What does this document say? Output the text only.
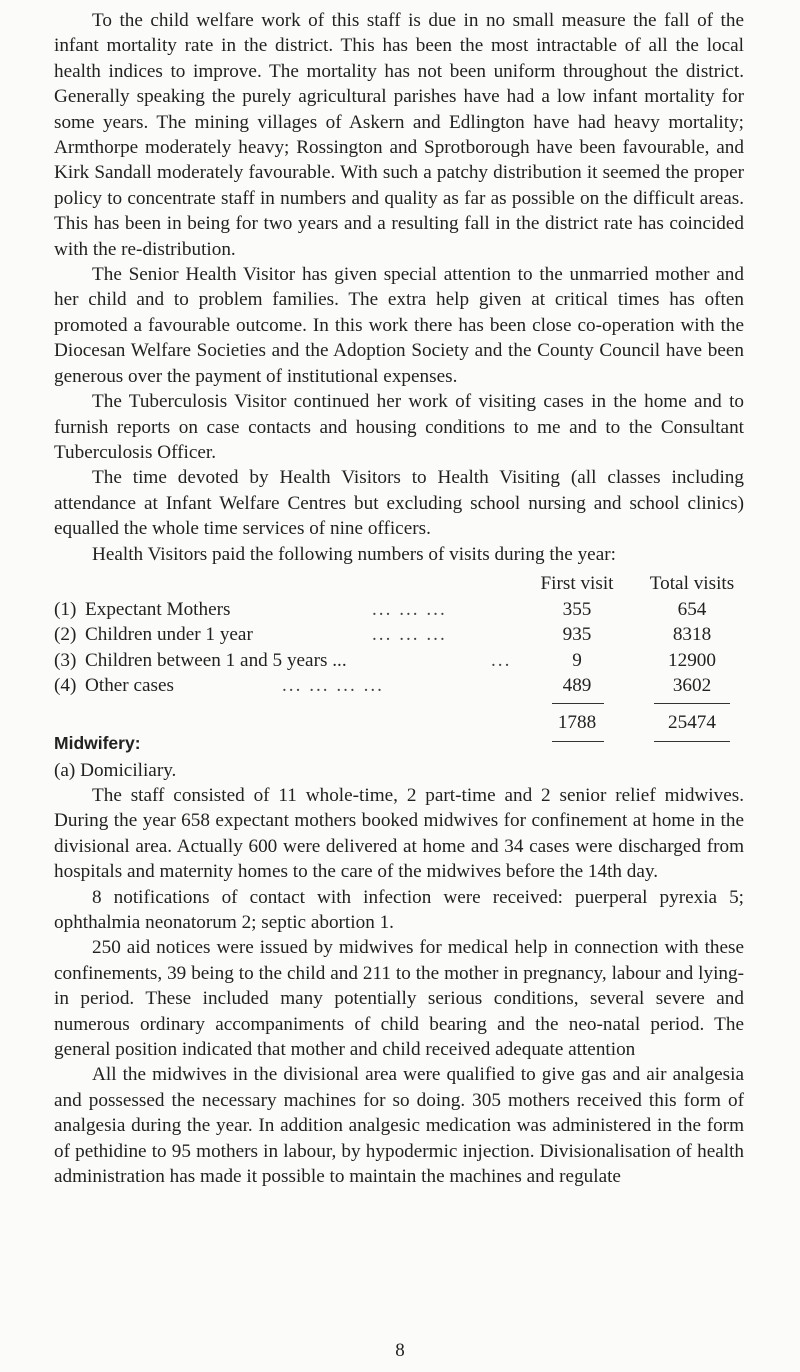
To the child welfare work of this staff is due in no small measure the fall of the infant mortality rate in the district. This has been the most intractable of all the local health indices to improve. The mortality has not been uniform throughout the district. Generally speaking the purely agricultural parishes have had a low infant mortality for some years. The mining villages of Askern and Edlington have had heavy mortality; Armthorpe moderately heavy; Rossington and Sprotborough have been favourable, and Kirk Sandall moderately favourable. With such a patchy distribution it seemed the proper policy to concentrate staff in numbers and quality as far as possible on the difficult areas. This has been in being for two years and a resulting fall in the district rate has coincided with the re-distribution.

The Senior Health Visitor has given special attention to the unmarried mother and her child and to problem families. The extra help given at critical times has often promoted a favourable outcome. In this work there has been close co-operation with the Diocesan Welfare Societies and the Adoption Society and the County Council have been generous over the payment of institutional expenses.

The Tuberculosis Visitor continued her work of visiting cases in the home and to furnish reports on case contacts and housing conditions to me and to the Consultant Tuberculosis Officer.

The time devoted by Health Visitors to Health Visiting (all classes including attendance at Infant Welfare Centres but excluding school nursing and school clinics) equalled the whole time services of nine officers.

Health Visitors paid the following numbers of visits during the year:

First visit	Total visits
(1) Expectant Mothers	... ... ...	355	654
(2) Children under 1 year	... ... ...	935	8318
(3) Children between 1 and 5 years ...	...	9	12900
(4) Other cases	... ... ... ...	489	3602
1788	25474
Midwifery:

(a) Domiciliary.

The staff consisted of 11 whole-time, 2 part-time and 2 senior relief midwives. During the year 658 expectant mothers booked midwives for confinement at home in the divisional area. Actually 600 were delivered at home and 34 cases were discharged from hospitals and maternity homes to the care of the midwives before the 14th day.

8 notifications of contact with infection were received: puerperal pyrexia 5; ophthalmia neonatorum 2; septic abortion 1.

250 aid notices were issued by midwives for medical help in connection with these confinements, 39 being to the child and 211 to the mother in pregnancy, labour and lying-in period. These included many potentially serious conditions, several severe and numerous ordinary accompaniments of child bearing and the neo-natal period. The general position indicated that mother and child received adequate attention

All the midwives in the divisional area were qualified to give gas and air analgesia and possessed the necessary machines for so doing. 305 mothers received this form of analgesia during the year. In addition analgesic medication was administered in the form of pethidine to 95 mothers in labour, by hypodermic injection. Divisionalisation of health administration has made it possible to maintain the machines and regulate

8
